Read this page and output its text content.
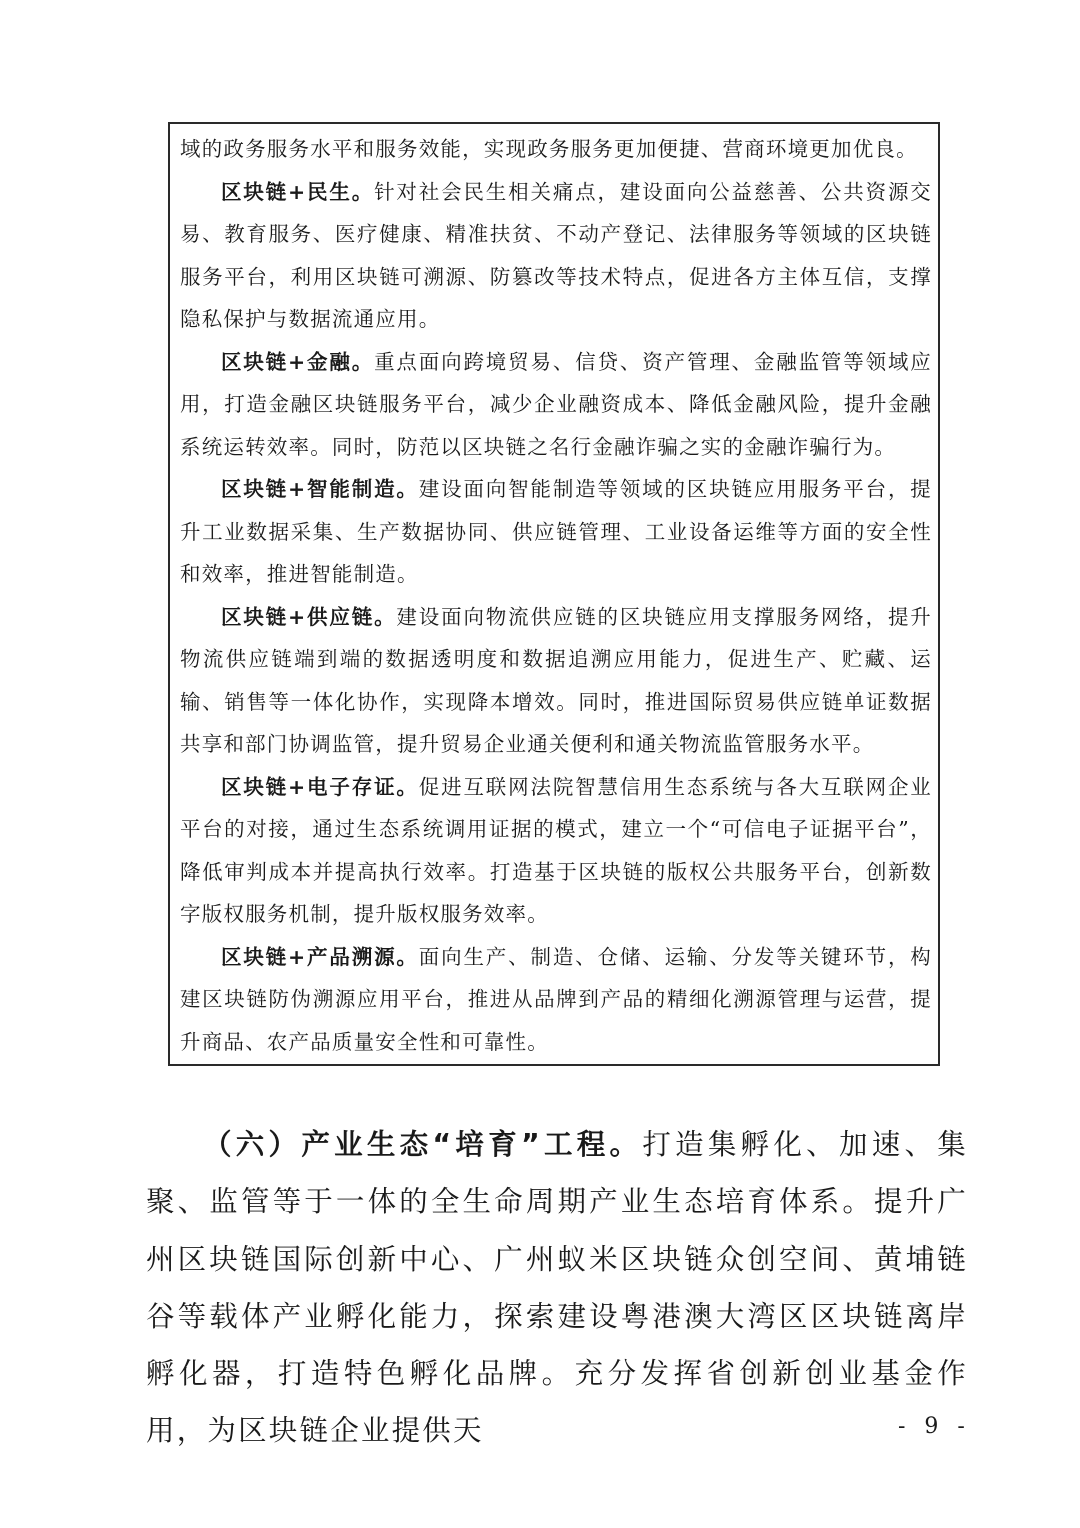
域的政务服务水平和服务效能，实现政务服务更加便捷、营商环境更加优良。

区块链+民生。针对社会民生相关痛点，建设面向公益慈善、公共资源交易、教育服务、医疗健康、精准扶贫、不动产登记、法律服务等领域的区块链服务平台，利用区块链可溯源、防篡改等技术特点，促进各方主体互信，支撑隐私保护与数据流通应用。

区块链+金融。重点面向跨境贸易、信贷、资产管理、金融监管等领域应用，打造金融区块链服务平台，减少企业融资成本、降低金融风险，提升金融系统运转效率。同时，防范以区块链之名行金融诈骗之实的金融诈骗行为。

区块链+智能制造。建设面向智能制造等领域的区块链应用服务平台，提升工业数据采集、生产数据协同、供应链管理、工业设备运维等方面的安全性和效率，推进智能制造。

区块链+供应链。建设面向物流供应链的区块链应用支撑服务网络，提升物流供应链端到端的数据透明度和数据追溯应用能力，促进生产、贮藏、运输、销售等一体化协作，实现降本增效。同时，推进国际贸易供应链单证数据共享和部门协调监管，提升贸易企业通关便利和通关物流监管服务水平。

区块链+电子存证。促进互联网法院智慧信用生态系统与各大互联网企业平台的对接，通过生态系统调用证据的模式，建立一个“可信电子证据平台”，降低审判成本并提高执行效率。打造基于区块链的版权公共服务平台，创新数字版权服务机制，提升版权服务效率。

区块链+产品溯源。面向生产、制造、仓储、运输、分发等关键环节，构建区块链防伪溯源应用平台，推进从品牌到产品的精细化溯源管理与运营，提升商品、农产品质量安全性和可靠性。

（六）产业生态“培育”工程。打造集孵化、加速、集聚、监管等于一体的全生命周期产业生态培育体系。提升广州区块链国际创新中心、广州蚁米区块链众创空间、黄埔链谷等载体产业孵化能力，探索建设粤港澳大湾区区块链离岸孵化器，打造特色孵化品牌。充分发挥省创新创业基金作用，为区块链企业提供天	- 9 -
